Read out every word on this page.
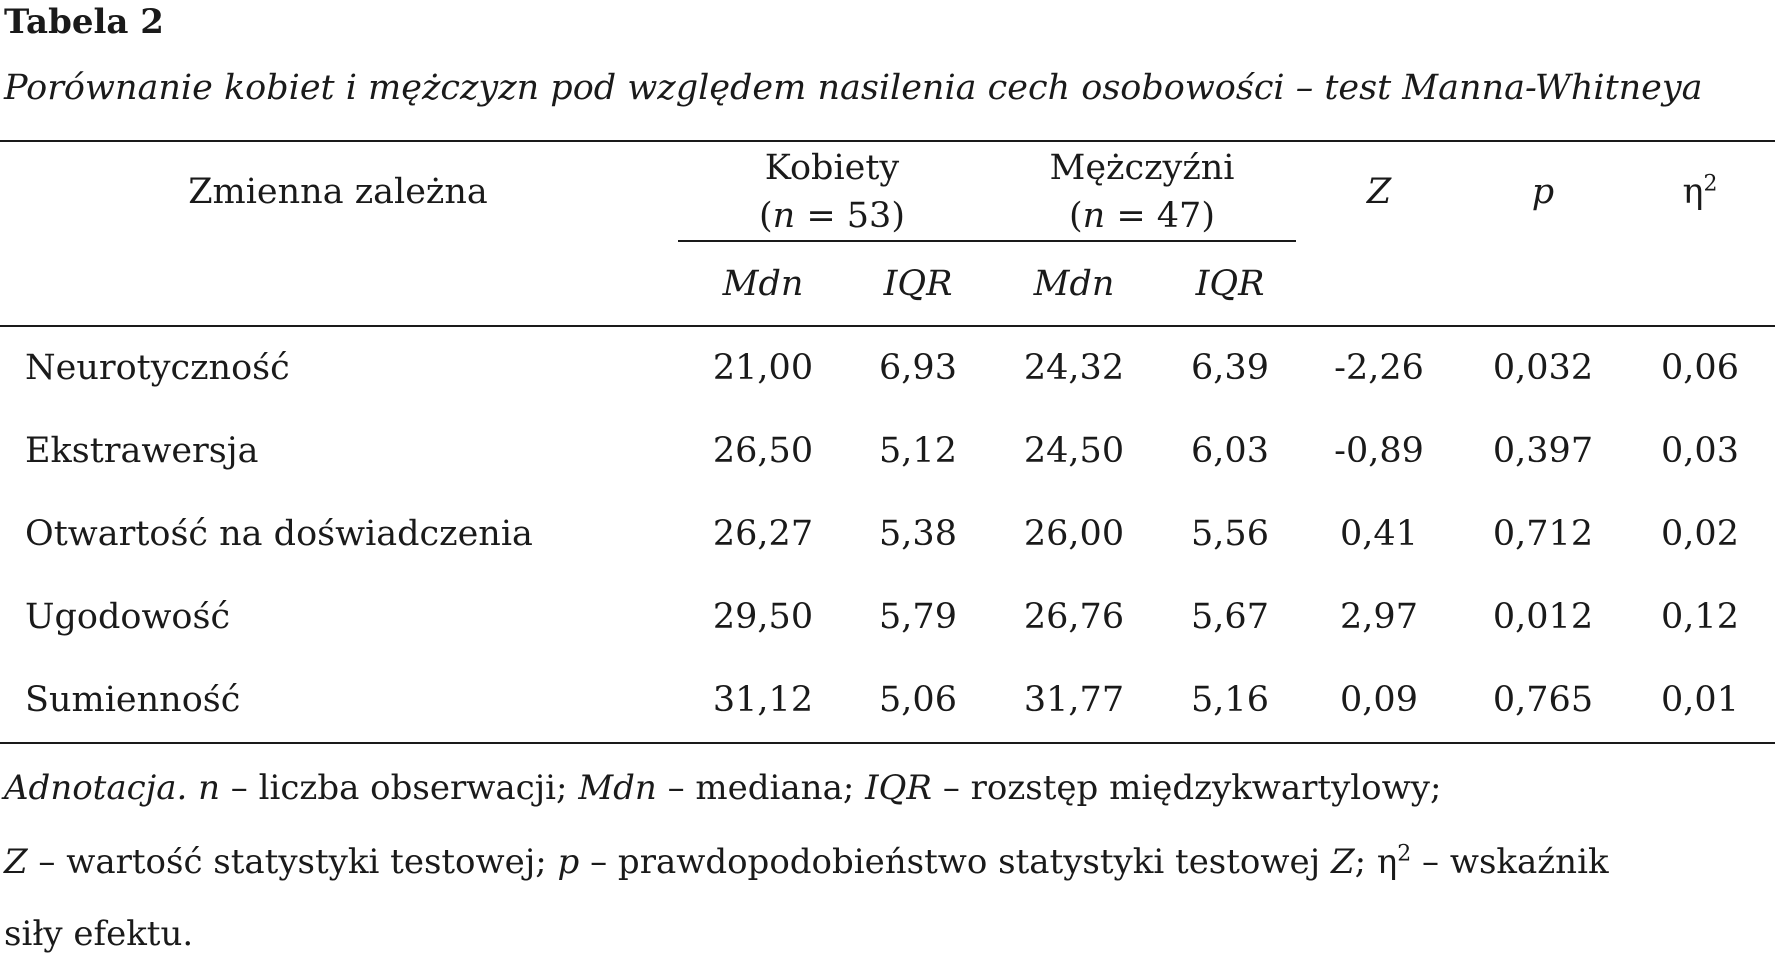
Tabela 2
Porównanie kobiet i mężczyzn pod względem nasilenia cech osobowości – test Manna-Whitneya
Zmienna zależna
Kobiety
(n = 53)
Mężczyźni
(n = 47)
Z	p	$\eta^2$
Mdn IQR Mdn IQR
Neurotyczność	21,00 6,93 24,32 6,39 -2,26 0,032 0,06
Ekstrawersja	26,50 5,12 24,50 6,03 -0,89 0,397 0,03
Otwartość na doświadczenia	26,27 5,38 26,00 5,56 0,41 0,712 0,02
Ugodowość	29,50 5,79 26,76 5,67 2,97 0,012 0,12
Sumienność	31,12 5,06 31,77 5,16 0,09 0,765 0,01
Adnotacja. n – liczba obserwacji; Mdn – mediana; IQR – rozstęp międzykwartylowy;
Z – wartość statystyki testowej; p – prawdopodobieństwo statystyki testowej Z; $\eta^2$ – wskaźnik
siły efektu.
